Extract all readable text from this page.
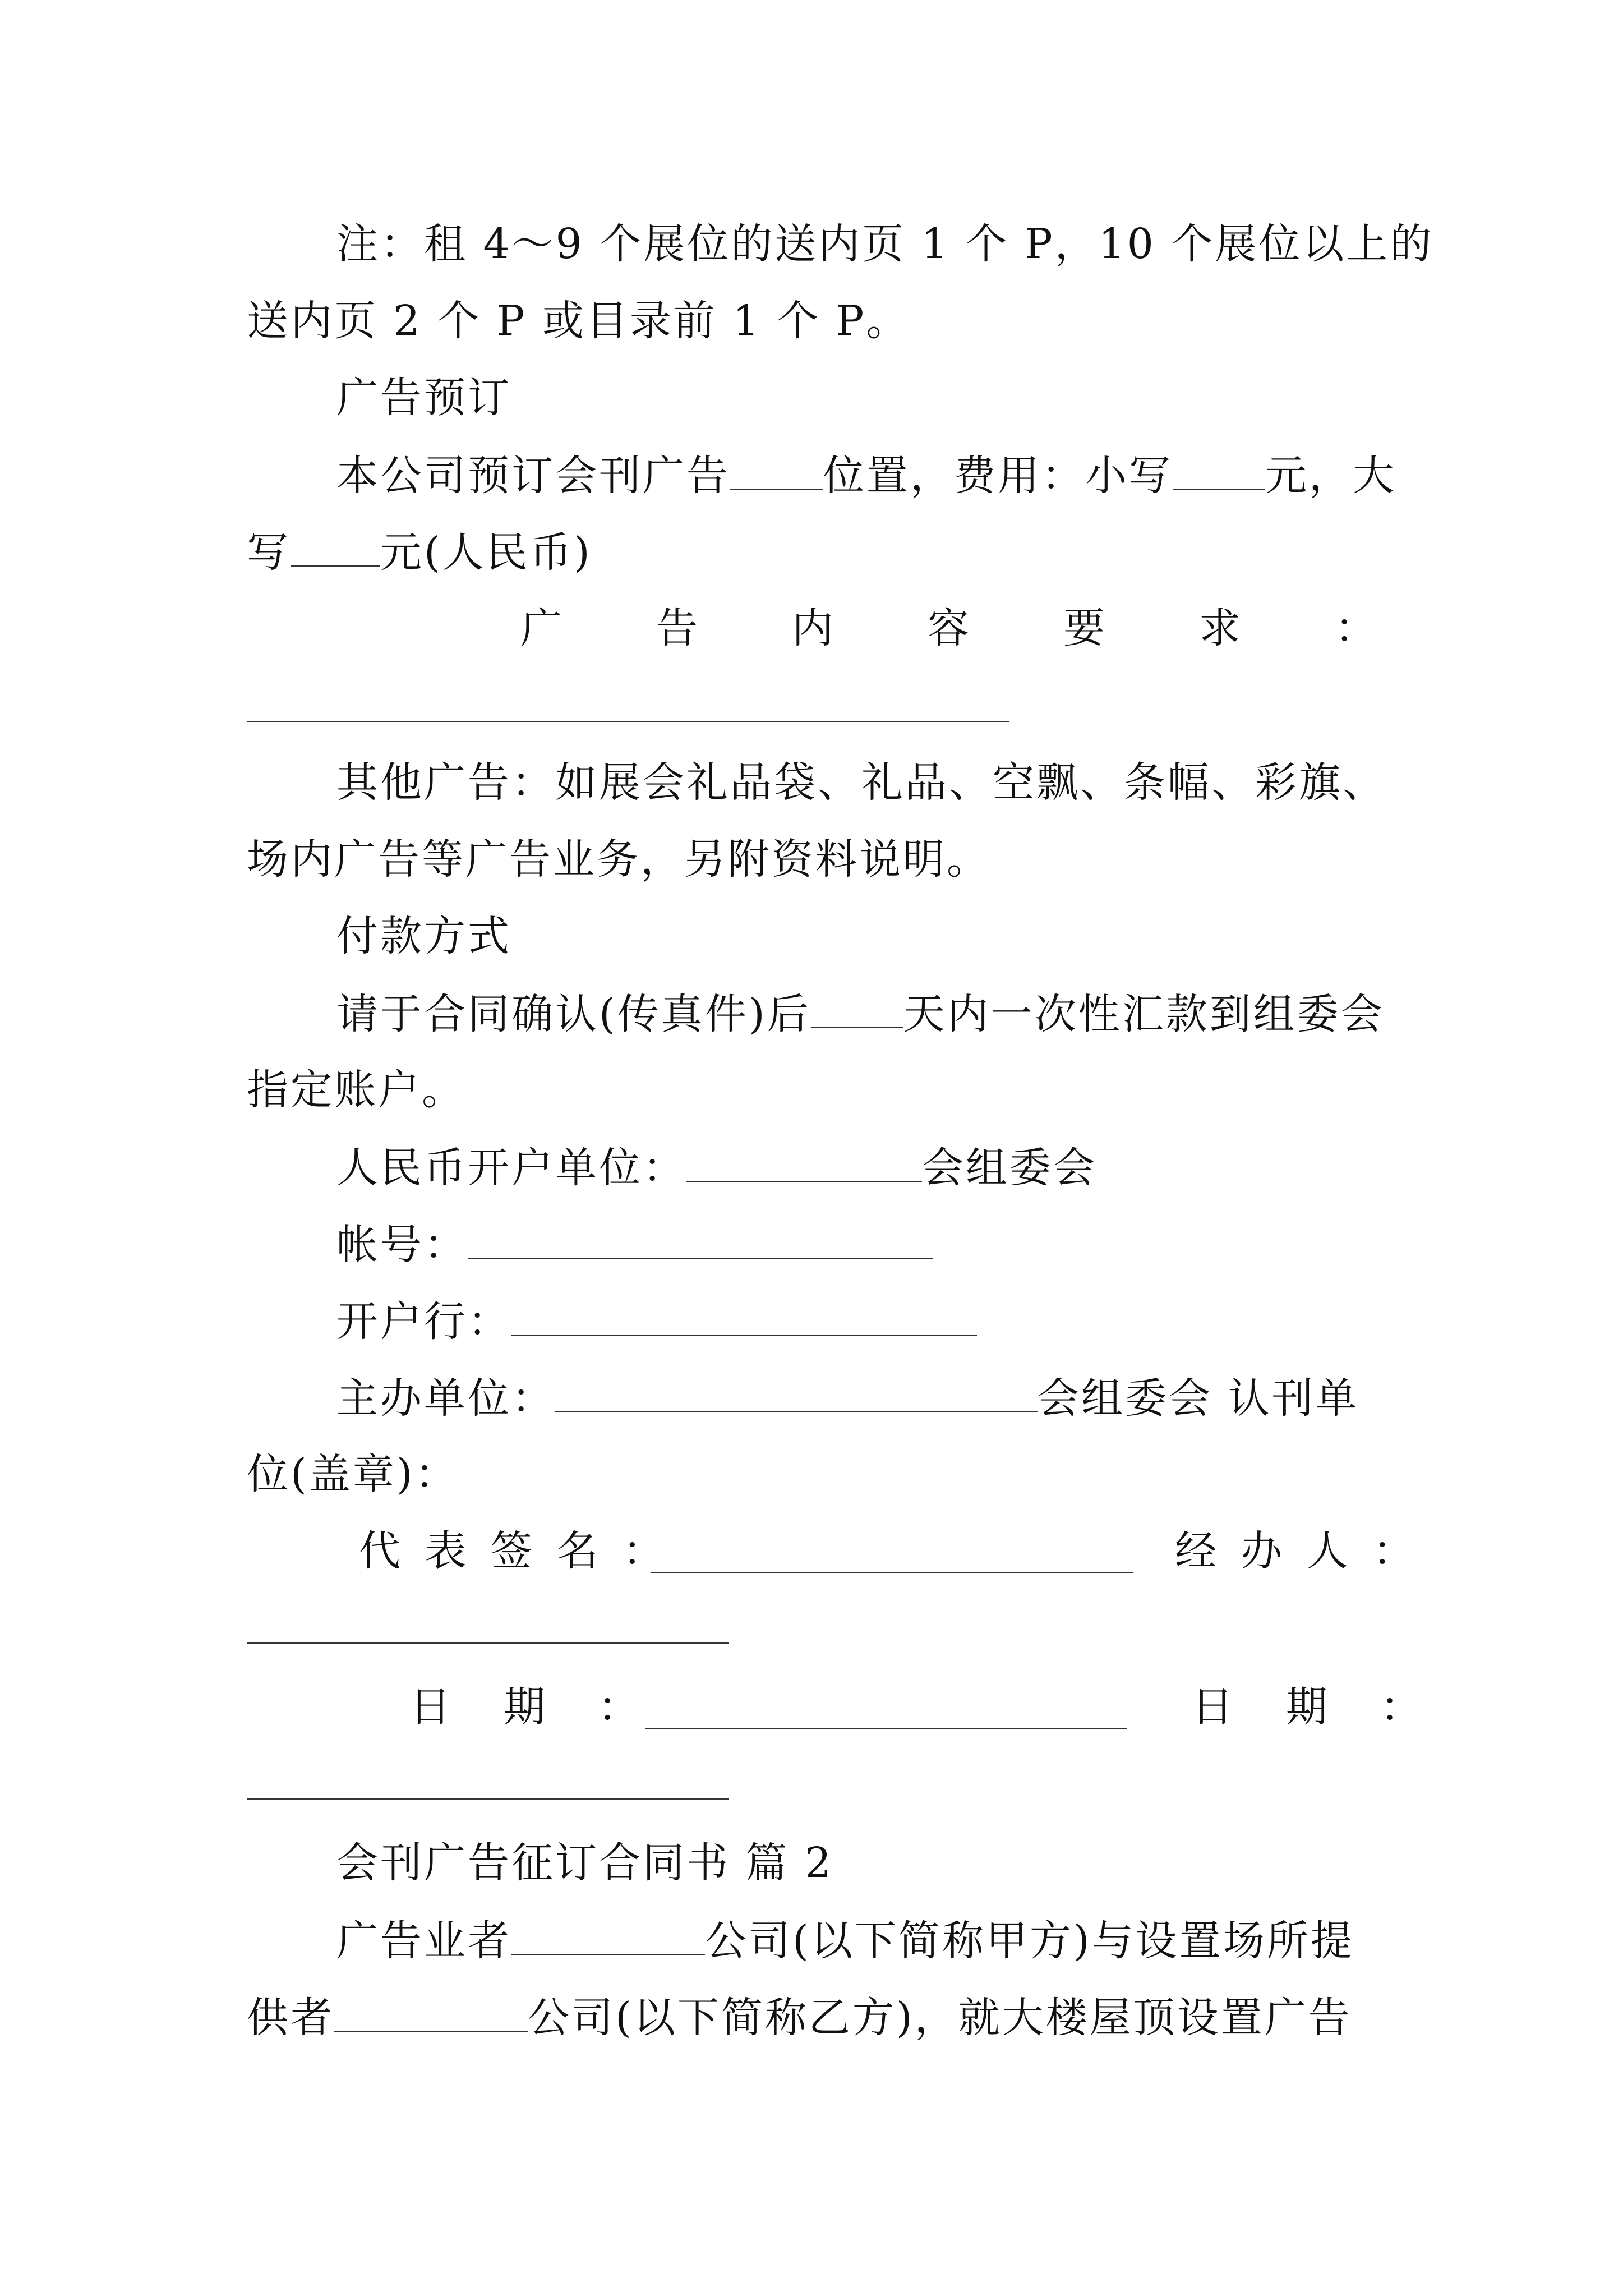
注：租 4～9 个展位的送内页 1 个 P，10 个展位以上的
送内页 2 个 P 或目录前 1 个 P。
广告预订
本公司预订会刊广告 位置，费用：小写 元，大
写 元(人民币)
广 告 内 容 要 求 ：
其他广告：如展会礼品袋、礼品、空飘、条幅、彩旗、
场内广告等广告业务，另附资料说明。
付款方式
请于合同确认(传真件)后 天内一次性汇款到组委会
指定账户。
人民币开户单位：	会组委会
帐号：
开户行：
主办单位：	会组委会 认刊单
位(盖章)：
代 表 签 名 ：	经 办 人 ：
日　期　：	日　期　：
会刊广告征订合同书 篇 2
广告业者	公司(以下简称甲方)与设置场所提
供者	公司(以下简称乙方)，就大楼屋顶设置广告
